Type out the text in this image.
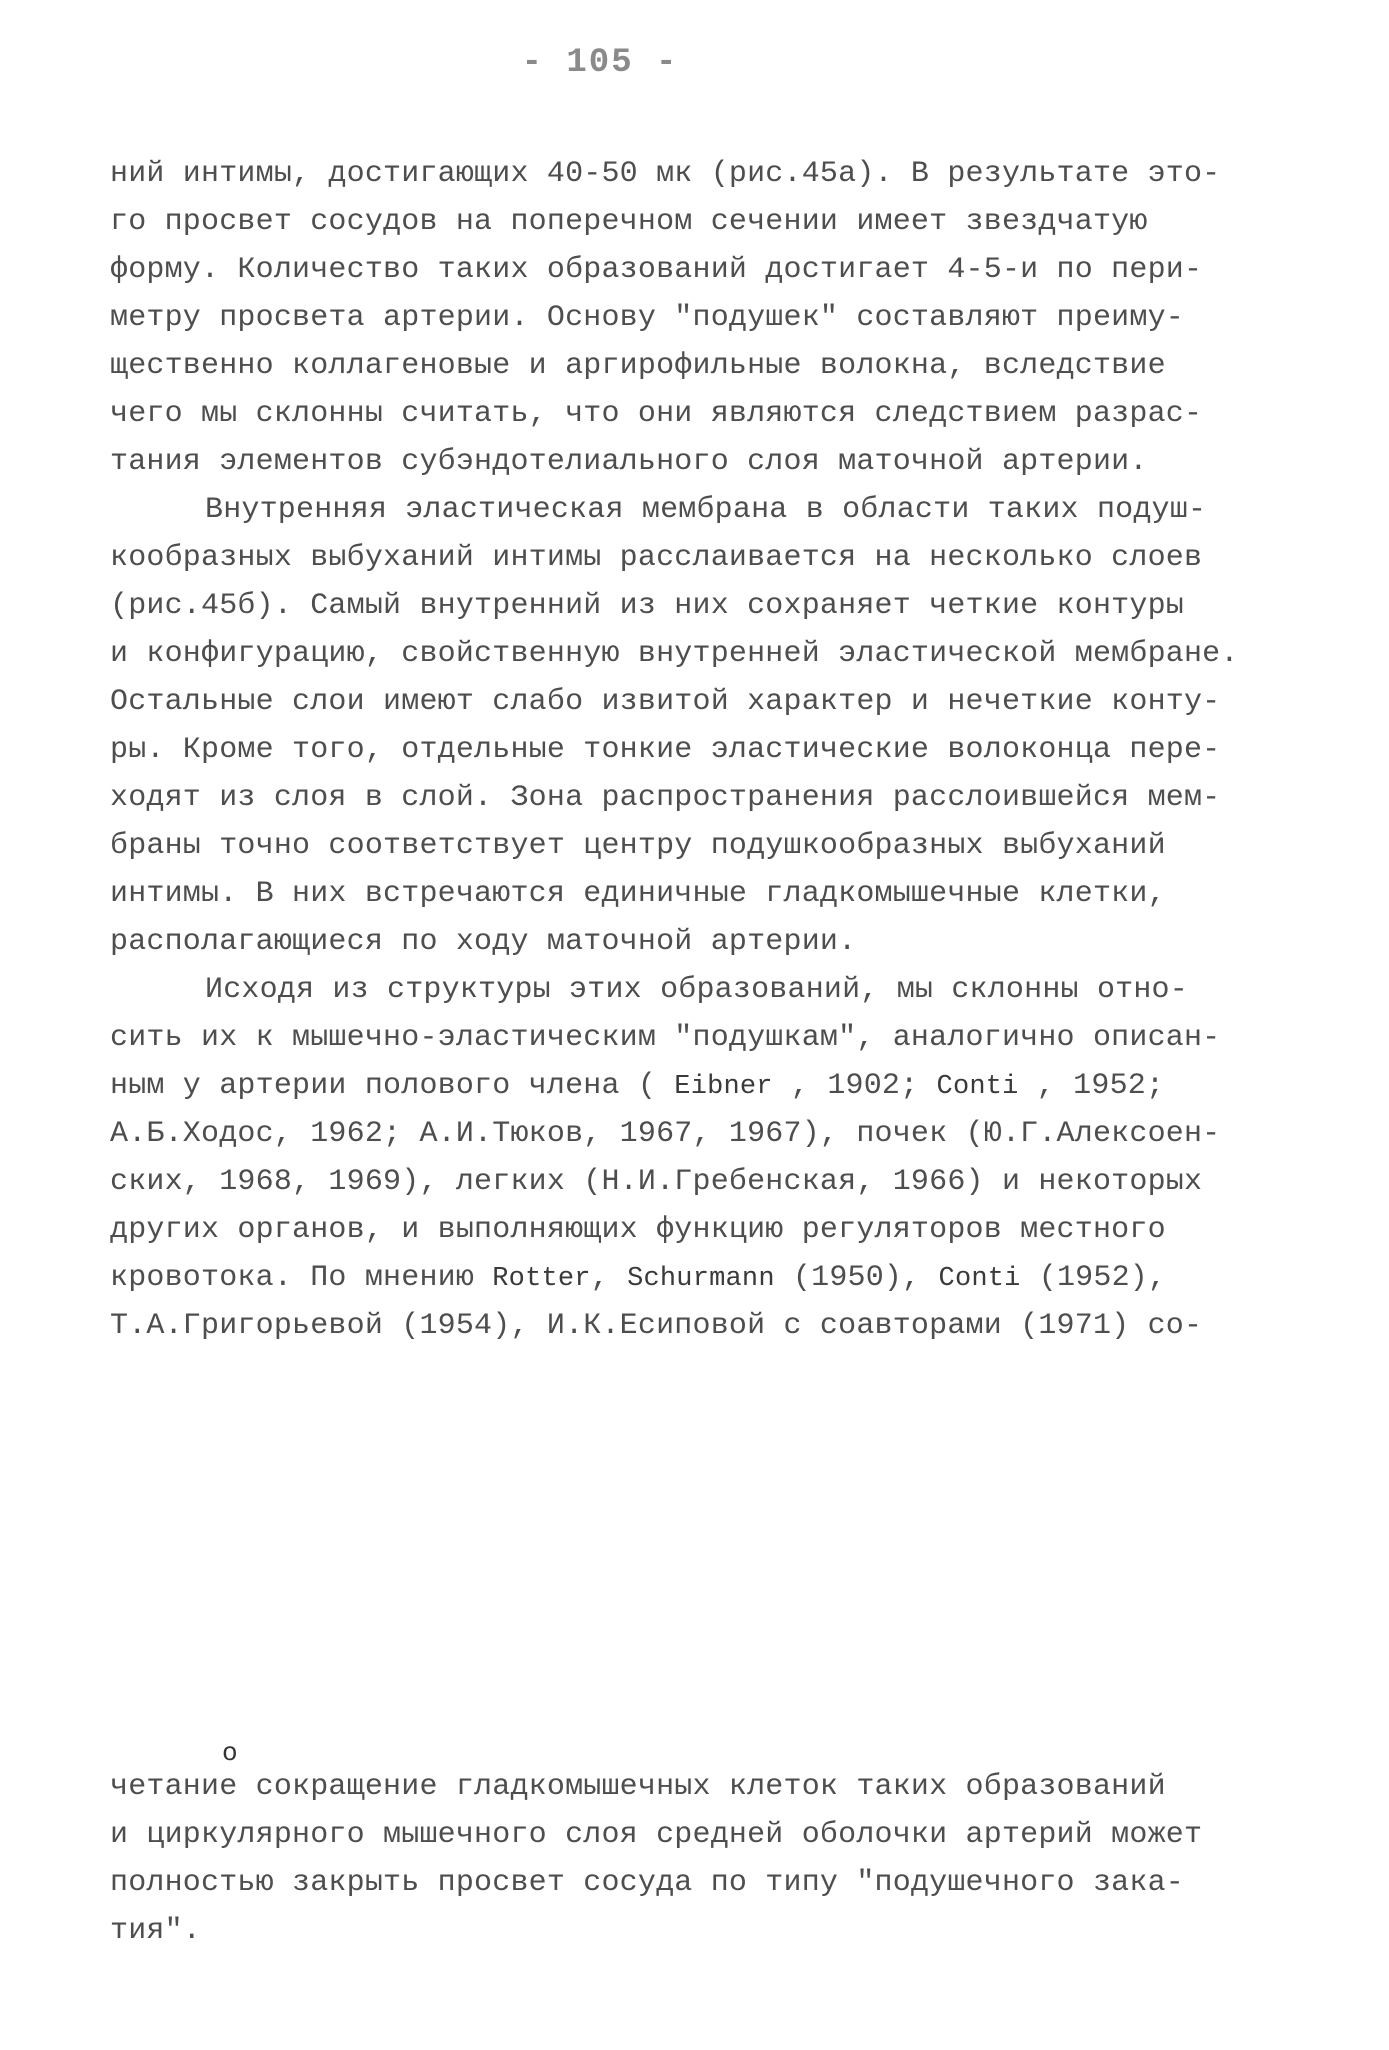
- 105 -
ний интимы, достигающих 40-50 мк (рис.45а). В результате это-
го просвет сосудов на поперечном сечении имеет звездчатую
форму. Количество таких образований достигает 4-5-и по пери-
метру просвета артерии. Основу "подушек" составляют преиму-
щественно коллагеновые и аргирофильные волокна, вследствие
чего мы склонны считать, что они являются следствием разрас-
тания элементов субэндотелиального слоя маточной артерии.
Внутренняя эластическая мембрана в области таких подуш-
кообразных выбуханий интимы расслаивается на несколько слоев
(рис.45б). Самый внутренний из них сохраняет четкие контуры
и конфигурацию, свойственную внутренней эластической мембране.
Остальные слои имеют слабо извитой характер и нечеткие конту-
ры. Кроме того, отдельные тонкие эластические волоконца пере-
ходят из слоя в слой. Зона распространения расслоившейся мем-
браны точно соответствует центру подушкообразных выбуханий
интимы. В них встречаются единичные гладкомышечные клетки,
располагающиеся по ходу маточной артерии.
Исходя из структуры этих образований, мы склонны отно-
сить их к мышечно-эластическим "подушкам", аналогично описан-
ным у артерии полового члена ( Eibner , 1902; Conti , 1952;
А.Б.Ходос, 1962; А.И.Тюков, 1967, 1967), почек (Ю.Г.Алексоен-
ских, 1968, 1969), легких (Н.И.Гребенская, 1966) и некоторых
других органов, и выполняющих функцию регуляторов местного
кровотока. По мнению Rotter, Schurmann (1950), Conti (1952),
Т.А.Григорьевой (1954), И.К.Есиповой с соавторами (1971) со-
o
четание сокращение гладкомышечных клеток таких образований
и циркулярного мышечного слоя средней оболочки артерий может
полностью закрыть просвет сосуда по типу "подушечного зака-
тия".
